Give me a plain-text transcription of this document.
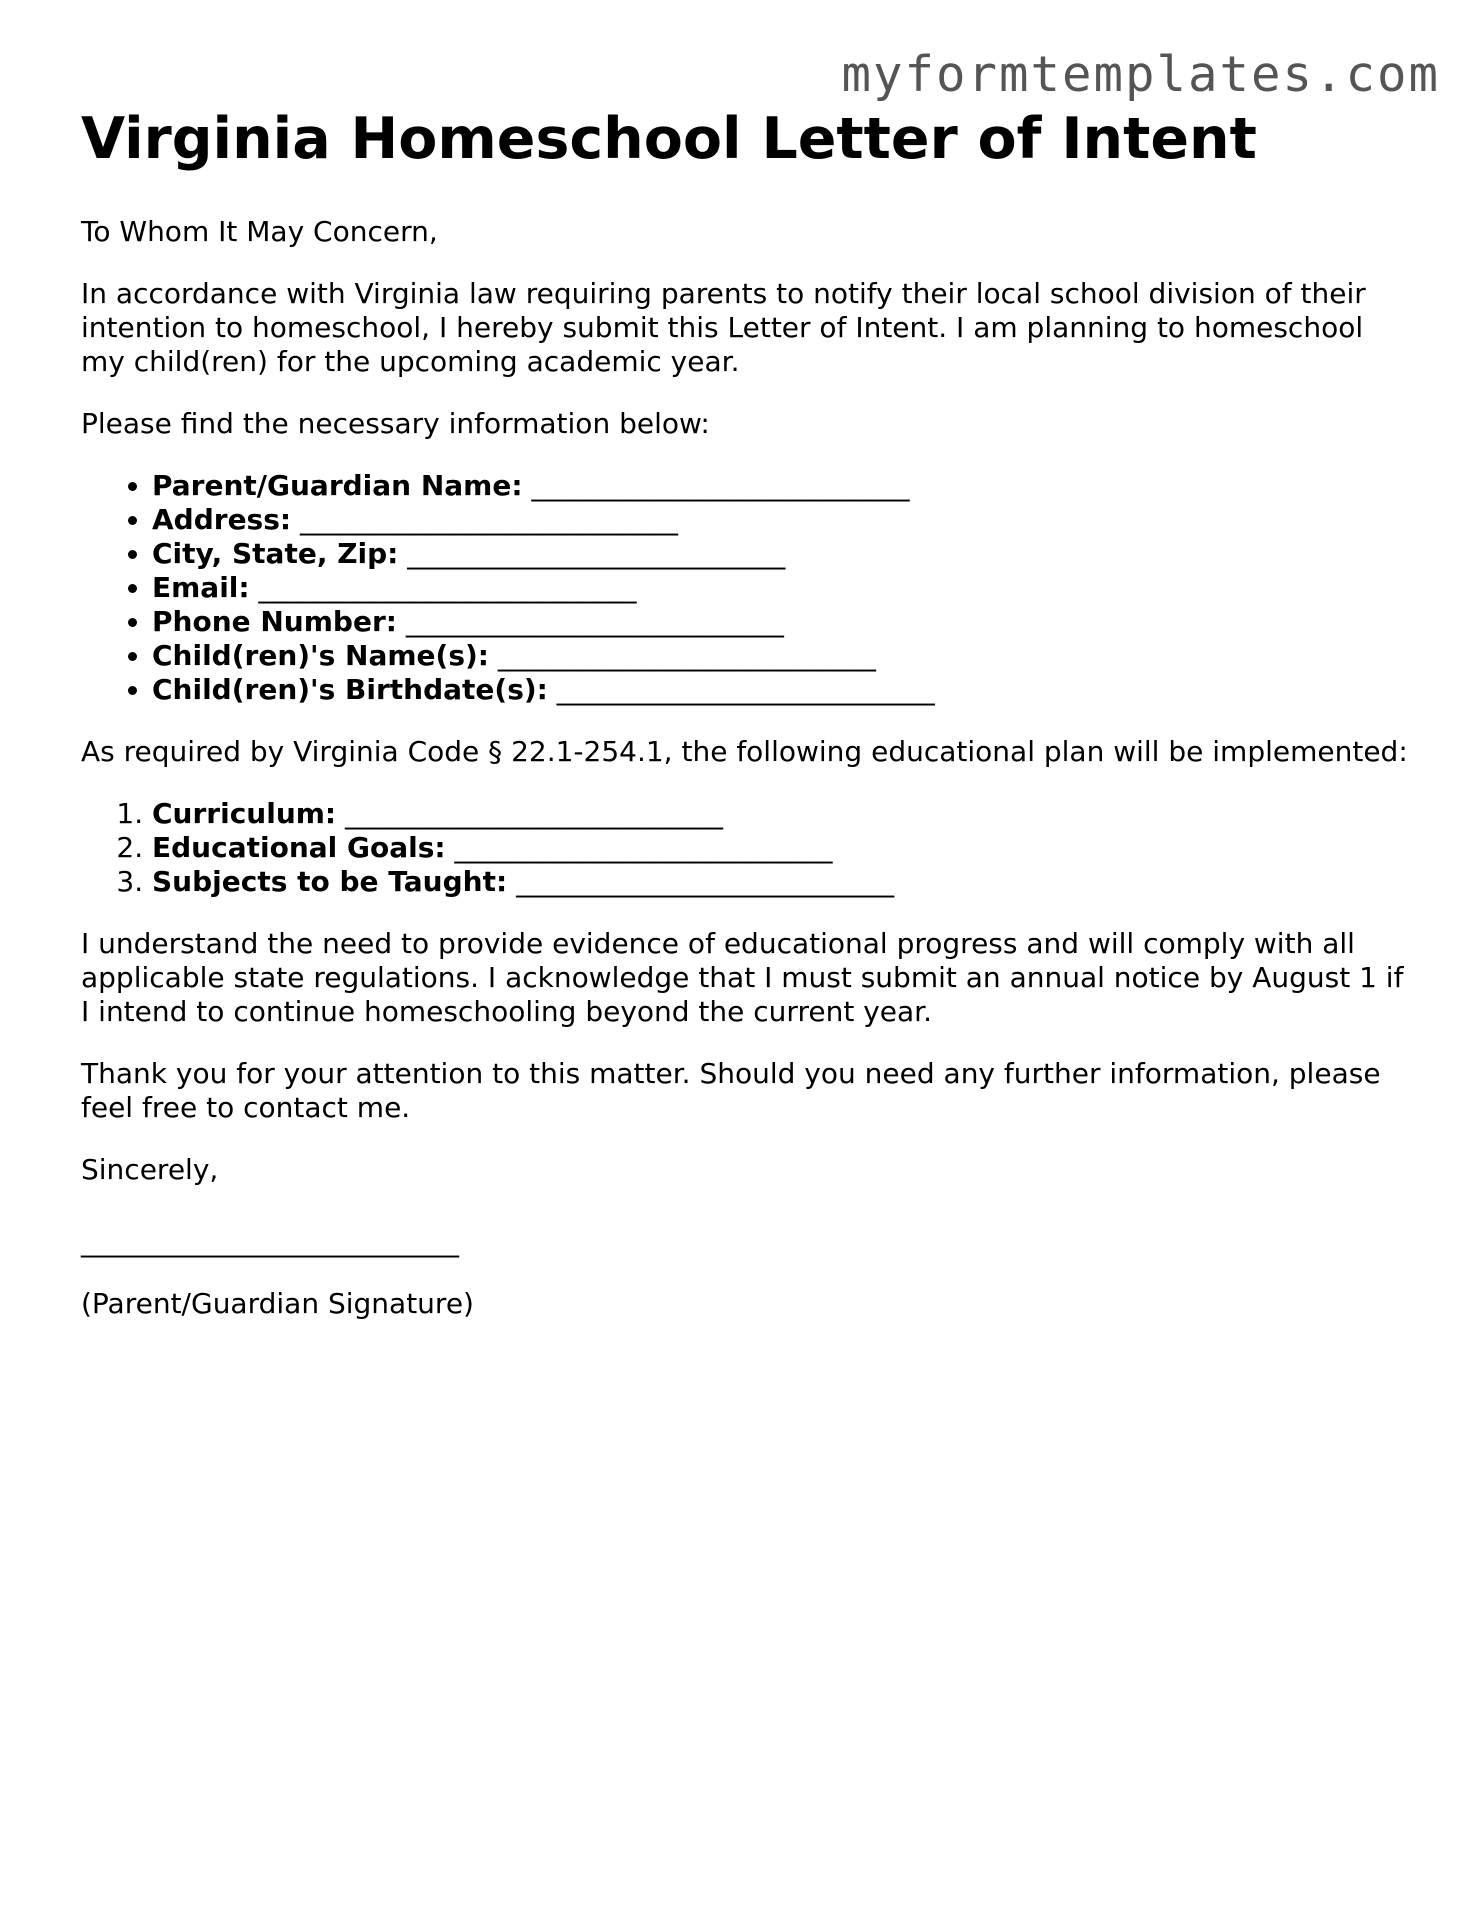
myformtemplates.com
Virginia Homeschool Letter of Intent

To Whom It May Concern,

In accordance with Virginia law requiring parents to notify their local school division of their intention to homeschool, I hereby submit this Letter of Intent. I am planning to homeschool my child(ren) for the upcoming academic year.

Please find the necessary information below:

• Parent/Guardian Name: ___________________________
• Address: ___________________________
• City, State, Zip: ___________________________
• Email: ___________________________
• Phone Number: ___________________________
• Child(ren)'s Name(s): ___________________________
• Child(ren)'s Birthdate(s): ___________________________

As required by Virginia Code § 22.1-254.1, the following educational plan will be implemented:

1. Curriculum: ___________________________
2. Educational Goals: ___________________________
3. Subjects to be Taught: ___________________________

I understand the need to provide evidence of educational progress and will comply with all applicable state regulations. I acknowledge that I must submit an annual notice by August 1 if I intend to continue homeschooling beyond the current year.

Thank you for your attention to this matter. Should you need any further information, please feel free to contact me.

Sincerely,

___________________________

(Parent/Guardian Signature)
